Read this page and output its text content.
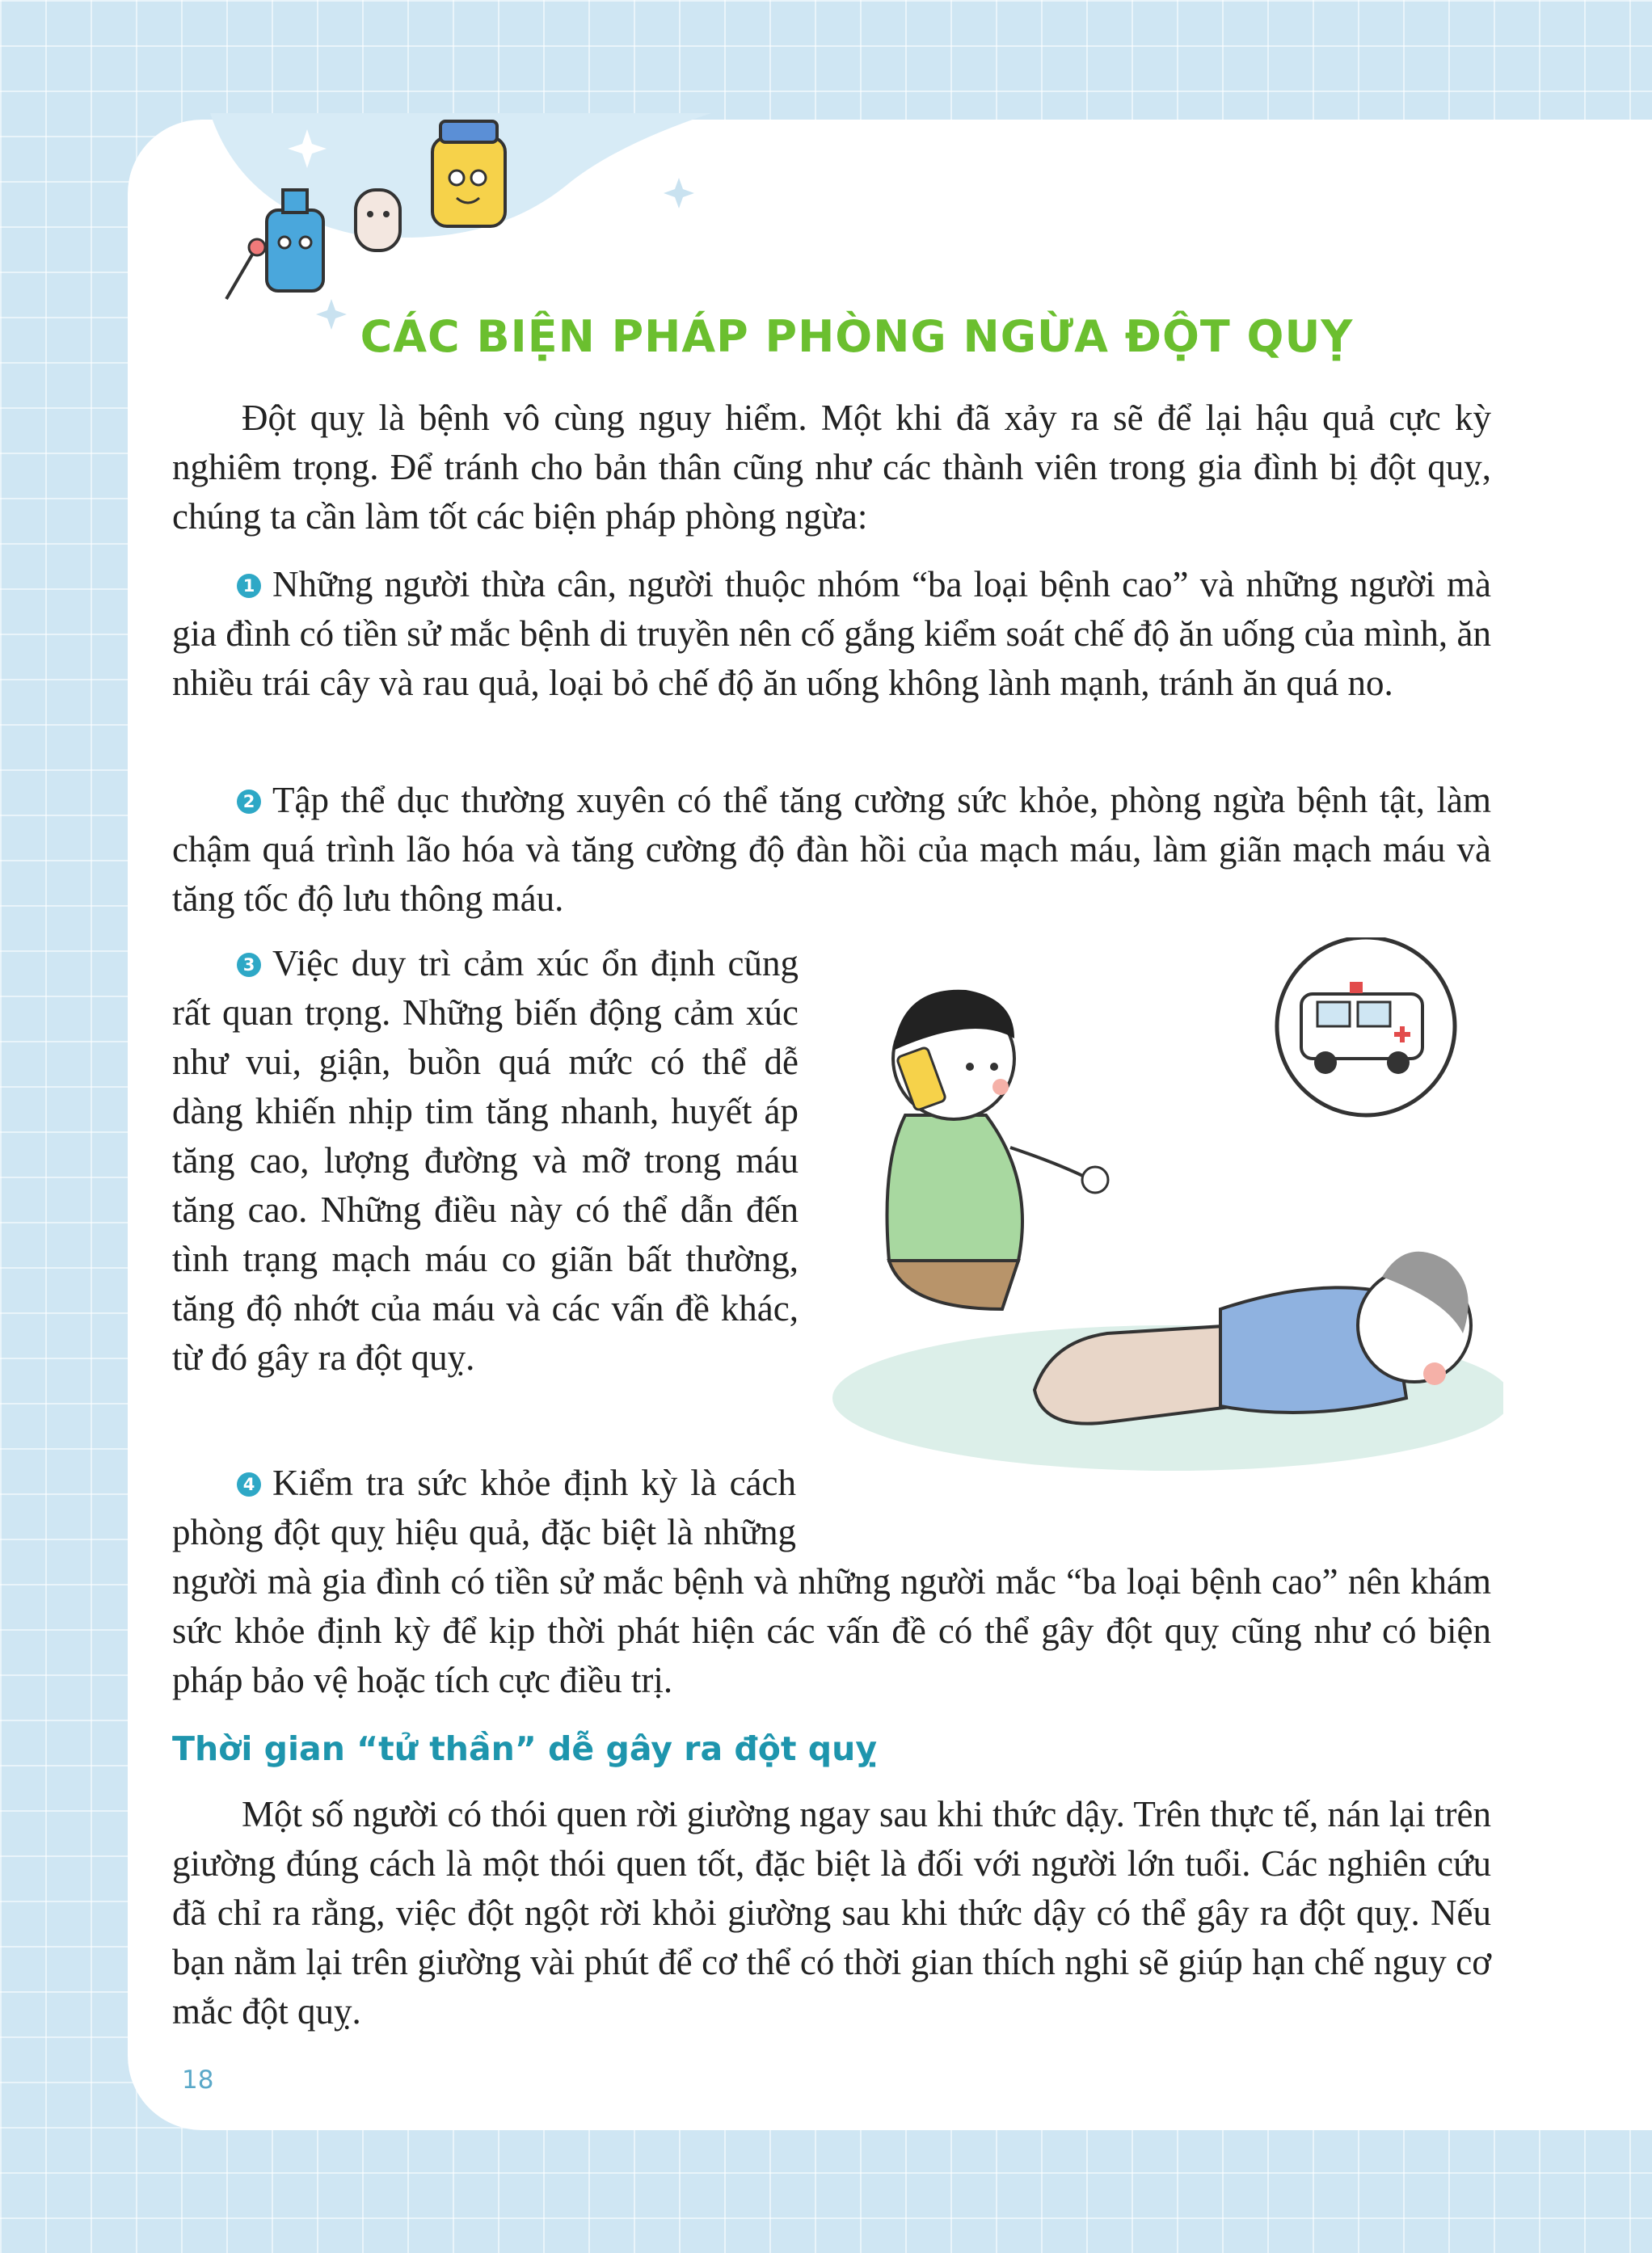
CÁC BIỆN PHÁP PHÒNG NGỪA ĐỘT QUỴ

Đột quỵ là bệnh vô cùng nguy hiểm. Một khi đã xảy ra sẽ để lại hậu quả cực kỳ nghiêm trọng. Để tránh cho bản thân cũng như các thành viên trong gia đình bị đột quỵ, chúng ta cần làm tốt các biện pháp phòng ngừa:

1 Những người thừa cân, người thuộc nhóm “ba loại bệnh cao” và những người mà gia đình có tiền sử mắc bệnh di truyền nên cố gắng kiểm soát chế độ ăn uống của mình, ăn nhiều trái cây và rau quả, loại bỏ chế độ ăn uống không lành mạnh, tránh ăn quá no.

2 Tập thể dục thường xuyên có thể tăng cường sức khỏe, phòng ngừa bệnh tật, làm chậm quá trình lão hóa và tăng cường độ đàn hồi của mạch máu, làm giãn mạch máu và tăng tốc độ lưu thông máu.

3 Việc duy trì cảm xúc ổn định cũng rất quan trọng. Những biến động cảm xúc như vui, giận, buồn quá mức có thể dễ dàng khiến nhịp tim tăng nhanh, huyết áp tăng cao, lượng đường và mỡ trong máu tăng cao. Những điều này có thể dẫn đến tình trạng mạch máu co giãn bất thường, tăng độ nhớt của máu và các vấn đề khác, từ đó gây ra đột quỵ.

4 Kiểm tra sức khỏe định kỳ là cách phòng đột quỵ hiệu quả, đặc biệt là những người mà gia đình có tiền sử mắc bệnh và những người mắc “ba loại bệnh cao” nên khám sức khỏe định kỳ để kịp thời phát hiện các vấn đề có thể gây đột quỵ cũng như có biện pháp bảo vệ hoặc tích cực điều trị.

Thời gian “tử thần” dễ gây ra đột quỵ

Một số người có thói quen rời giường ngay sau khi thức dậy. Trên thực tế, nán lại trên giường đúng cách là một thói quen tốt, đặc biệt là đối với người lớn tuổi. Các nghiên cứu đã chỉ ra rằng, việc đột ngột rời khỏi giường sau khi thức dậy có thể gây ra đột quỵ. Nếu bạn nằm lại trên giường vài phút để cơ thể có thời gian thích nghi sẽ giúp hạn chế nguy cơ mắc đột quỵ.

18
